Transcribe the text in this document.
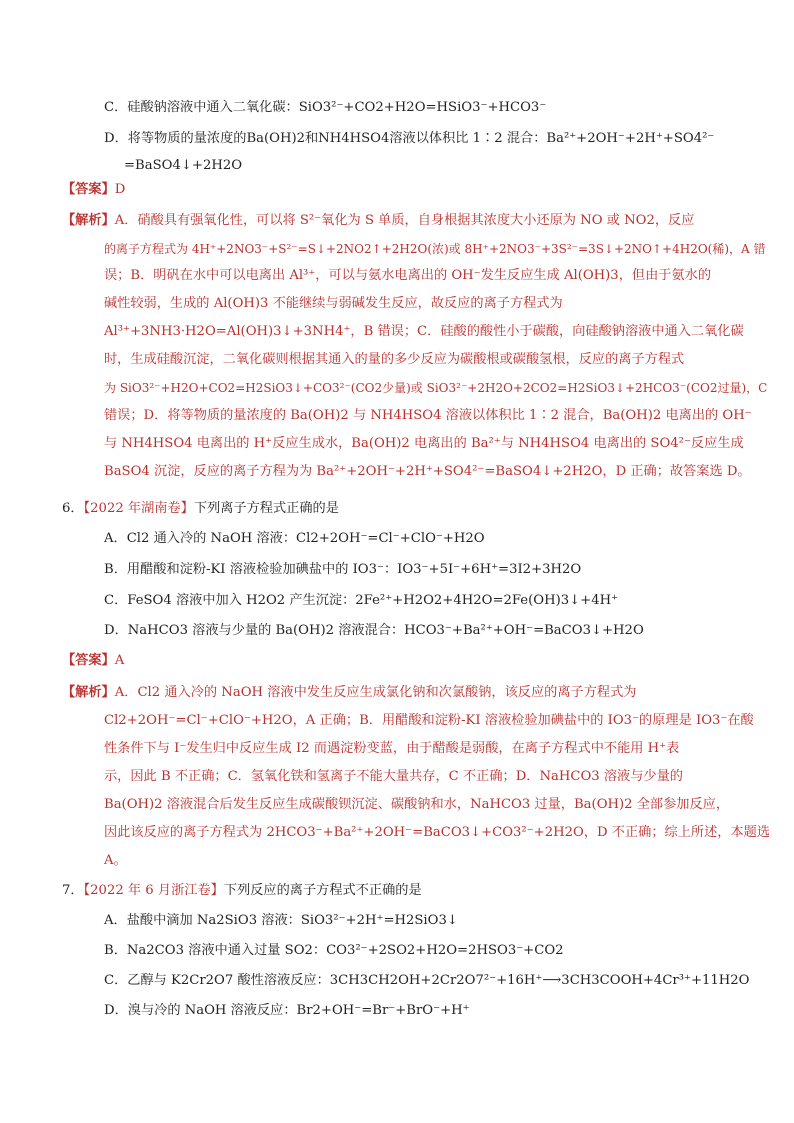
C．硅酸钠溶液中通入二氧化碳：SiO3²⁻+CO2+H2O=HSiO3⁻+HCO3⁻
D．将等物质的量浓度的Ba(OH)2和NH4HSO4溶液以体积比 1∶2 混合：Ba²⁺+2OH⁻+2H⁺+SO4²⁻
=BaSO4↓+2H2O
【答案】D
【解析】A．硝酸具有强氧化性，可以将 S²⁻氧化为 S 单质，自身根据其浓度大小还原为 NO 或 NO2，反应
的离子方程式为 4H⁺+2NO3⁻+S²⁻=S↓+2NO2↑+2H2O(浓)或 8H⁺+2NO3⁻+3S²⁻=3S↓+2NO↑+4H2O(稀)，A 错
误；B．明矾在水中可以电离出 Al³⁺，可以与氨水电离出的 OH⁻发生反应生成 Al(OH)3，但由于氨水的
碱性较弱，生成的 Al(OH)3 不能继续与弱碱发生反应，故反应的离子方程式为
Al³⁺+3NH3·H2O=Al(OH)3↓+3NH4⁺，B 错误；C．硅酸的酸性小于碳酸，向硅酸钠溶液中通入二氧化碳
时，生成硅酸沉淀，二氧化碳则根据其通入的量的多少反应为碳酸根或碳酸氢根，反应的离子方程式
为 SiO3²⁻+H2O+CO2=H2SiO3↓+CO3²⁻(CO2少量)或 SiO3²⁻+2H2O+2CO2=H2SiO3↓+2HCO3⁻(CO2过量)，C
错误；D．将等物质的量浓度的 Ba(OH)2 与 NH4HSO4 溶液以体积比 1∶2 混合，Ba(OH)2 电离出的 OH⁻
与 NH4HSO4 电离出的 H⁺反应生成水，Ba(OH)2 电离出的 Ba²⁺与 NH4HSO4 电离出的 SO4²⁻反应生成
BaSO4 沉淀，反应的离子方程为为 Ba²⁺+2OH⁻+2H⁺+SO4²⁻=BaSO4↓+2H2O，D 正确；故答案选 D。
6．【2022 年湖南卷】下列离子方程式正确的是
A．Cl2 通入冷的 NaOH 溶液：Cl2+2OH⁻=Cl⁻+ClO⁻+H2O
B．用醋酸和淀粉-KI 溶液检验加碘盐中的 IO3⁻：IO3⁻+5I⁻+6H⁺=3I2+3H2O
C．FeSO4 溶液中加入 H2O2 产生沉淀：2Fe²⁺+H2O2+4H2O=2Fe(OH)3↓+4H⁺
D．NaHCO3 溶液与少量的 Ba(OH)2 溶液混合：HCO3⁻+Ba²⁺+OH⁻=BaCO3↓+H2O
【答案】A
【解析】A．Cl2 通入冷的 NaOH 溶液中发生反应生成氯化钠和次氯酸钠，该反应的离子方程式为
Cl2+2OH⁻=Cl⁻+ClO⁻+H2O，A 正确；B．用醋酸和淀粉-KI 溶液检验加碘盐中的 IO3⁻的原理是 IO3⁻在酸
性条件下与 I⁻发生归中反应生成 I2 而遇淀粉变蓝，由于醋酸是弱酸，在离子方程式中不能用 H⁺表
示，因此 B 不正确；C．氢氧化铁和氢离子不能大量共存，C 不正确；D．NaHCO3 溶液与少量的
Ba(OH)2 溶液混合后发生反应生成碳酸钡沉淀、碳酸钠和水，NaHCO3 过量，Ba(OH)2 全部参加反应，
因此该反应的离子方程式为 2HCO3⁻+Ba²⁺+2OH⁻=BaCO3↓+CO3²⁻+2H2O，D 不正确；综上所述，本题选
A。
7．【2022 年 6 月浙江卷】下列反应的离子方程式不正确的是
A．盐酸中滴加 Na2SiO3 溶液：SiO3²⁻+2H⁺=H2SiO3↓
B．Na2CO3 溶液中通入过量 SO2：CO3²⁻+2SO2+H2O=2HSO3⁻+CO2
C．乙醇与 K2Cr2O7 酸性溶液反应：3CH3CH2OH+2Cr2O7²⁻+16H⁺⟶3CH3COOH+4Cr³⁺+11H2O
D．溴与冷的 NaOH 溶液反应：Br2+OH⁻=Br⁻+BrO⁻+H⁺
